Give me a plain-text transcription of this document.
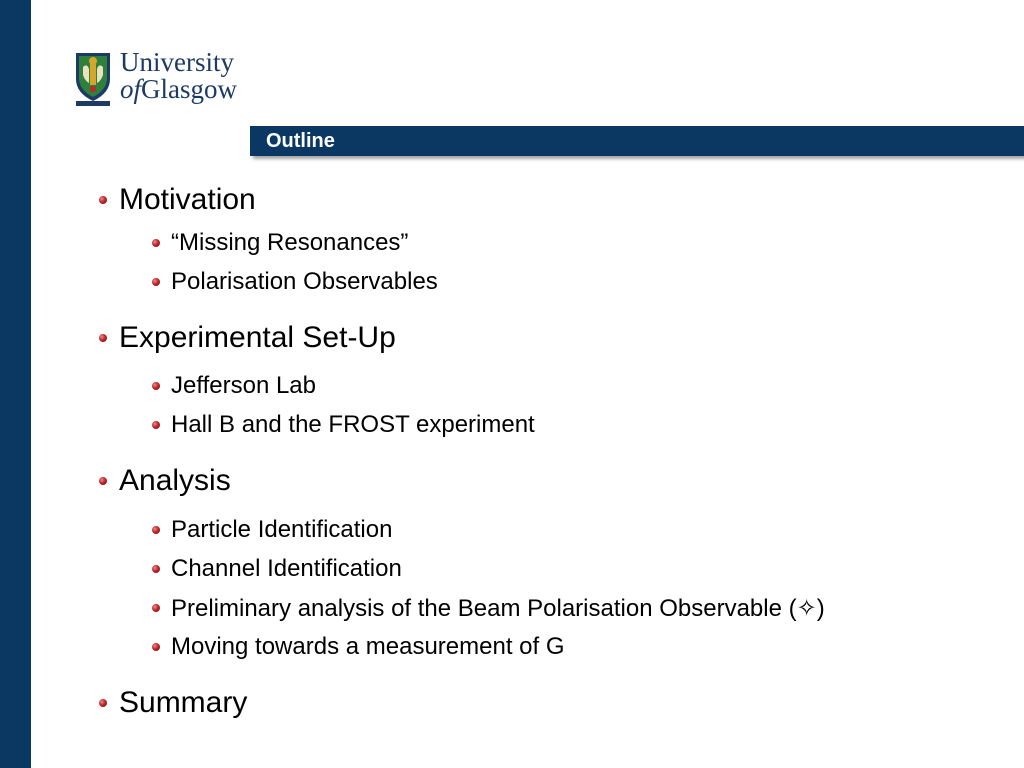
University
ofGlasgow
Outline
Motivation
“Missing Resonances”
Polarisation Observables
Experimental Set-Up
Jefferson Lab
Hall B and the FROST experiment
Analysis
Particle Identification
Channel Identification
Preliminary analysis of the Beam Polarisation Observable (✧)
Moving towards a measurement of G
Summary
